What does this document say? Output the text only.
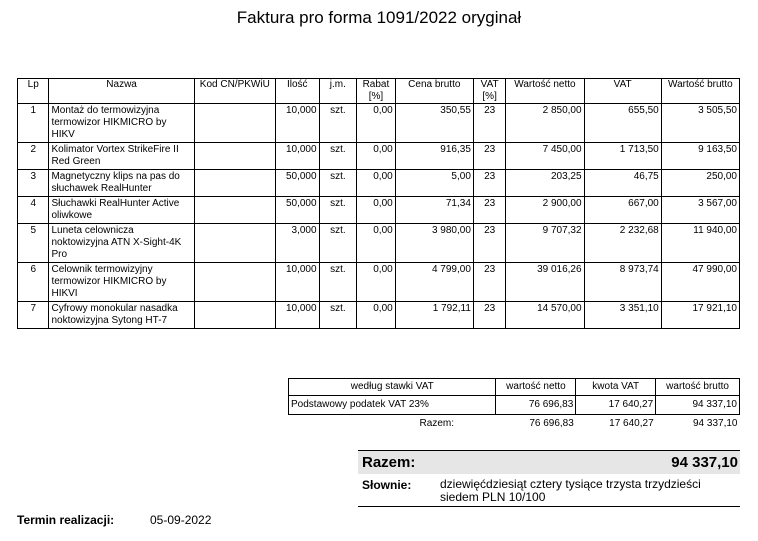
Faktura pro forma 1091/2022 oryginał
Lp	Nazwa	Kod CN/PKWiU	Ilość	j.m.	Rabat [%]	Cena brutto	VAT [%]	Wartość netto	VAT	Wartość brutto
1	Montaż do termowizyjna termowizor HIKMICRO by HIKV		10,000	szt.	0,00	350,55	23	2 850,00	655,50	3 505,50
2	Kolimator Vortex StrikeFire II Red Green		10,000	szt.	0,00	916,35	23	7 450,00	1 713,50	9 163,50
3	Magnetyczny klips na pas do słuchawek RealHunter		50,000	szt.	0,00	5,00	23	203,25	46,75	250,00
4	Słuchawki RealHunter Active oliwkowe		50,000	szt.	0,00	71,34	23	2 900,00	667,00	3 567,00
5	Luneta celownicza noktowizyjna ATN X-Sight-4K Pro		3,000	szt.	0,00	3 980,00	23	9 707,32	2 232,68	11 940,00
6	Celownik termowizyjny termowizor HIKMICRO by HIKVI		10,000	szt.	0,00	4 799,00	23	39 016,26	8 973,74	47 990,00
7	Cyfrowy monokular nasadka noktowizyjna Sytong HT-7		10,000	szt.	0,00	1 792,11	23	14 570,00	3 351,10	17 921,10
według stawki VAT	wartość netto	kwota VAT	wartość brutto
Podstawowy podatek VAT 23%	76 696,83	17 640,27	94 337,10
Razem:	76 696,83	17 640,27	94 337,10
Razem:	94 337,10
Słownie: dziewięćdziesiąt cztery tysiące trzysta trzydzieści siedem PLN 10/100
Termin realizacji:	05-09-2022
